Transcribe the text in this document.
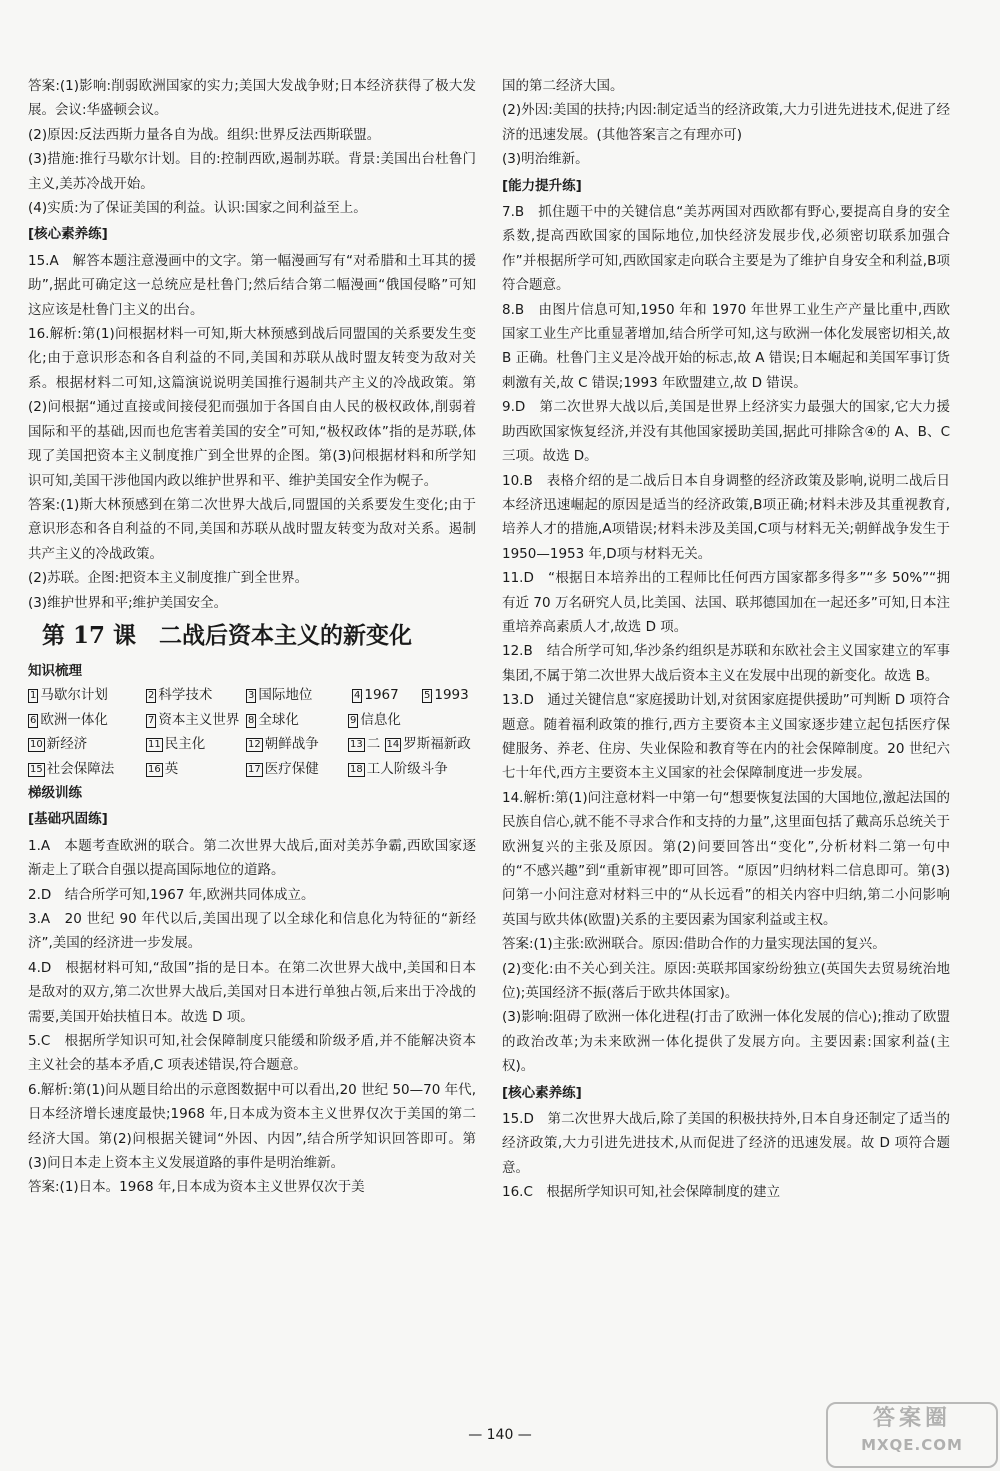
答案:(1)影响:削弱欧洲国家的实力;美国大发战争财;日本经济获得了极大发展。会议:华盛顿会议。

(2)原因:反法西斯力量各自为战。组织:世界反法西斯联盟。

(3)措施:推行马歇尔计划。目的:控制西欧,遏制苏联。背景:美国出台杜鲁门主义,美苏冷战开始。

(4)实质:为了保证美国的利益。认识:国家之间利益至上。

[核心素养练]

15.A　解答本题注意漫画中的文字。第一幅漫画写有“对希腊和土耳其的援助”,据此可确定这一总统应是杜鲁门;然后结合第二幅漫画“俄国侵略”可知这应该是杜鲁门主义的出台。

16.解析:第(1)问根据材料一可知,斯大林预感到战后同盟国的关系要发生变化;由于意识形态和各自利益的不同,美国和苏联从战时盟友转变为敌对关系。根据材料二可知,这篇演说说明美国推行遏制共产主义的冷战政策。第(2)问根据“通过直接或间接侵犯而强加于各国自由人民的极权政体,削弱着国际和平的基础,因而也危害着美国的安全”可知,“极权政体”指的是苏联,体现了美国把资本主义制度推广到全世界的企图。第(3)问根据材料和所学知识可知,美国干涉他国内政以维护世界和平、维护美国安全作为幌子。

答案:(1)斯大林预感到在第二次世界大战后,同盟国的关系要发生变化;由于意识形态和各自利益的不同,美国和苏联从战时盟友转变为敌对关系。遏制共产主义的冷战政策。

(2)苏联。企图:把资本主义制度推广到全世界。

(3)维护世界和平;维护美国安全。

第 17 课　二战后资本主义的新变化

知识梳理

1 马歇尔计划	2 科学技术	3 国际地位	4 1967	5 1993
6 欧洲一体化	7 资本主义世界 8 全球化	9 信息化
10 新经济	11 民主化	12 朝鲜战争	13 二 14 罗斯福新政
15 社会保障法	16 英	17 医疗保健	18 工人阶级斗争

梯级训练

[基础巩固练]

1.A　本题考查欧洲的联合。第二次世界大战后,面对美苏争霸,西欧国家逐渐走上了联合自强以提高国际地位的道路。

2.D　结合所学可知,1967 年,欧洲共同体成立。

3.A　20 世纪 90 年代以后,美国出现了以全球化和信息化为特征的“新经济”,美国的经济进一步发展。

4.D　根据材料可知,“敌国”指的是日本。在第二次世界大战中,美国和日本是敌对的双方,第二次世界大战后,美国对日本进行单独占领,后来出于冷战的需要,美国开始扶植日本。故选 D 项。

5.C　根据所学知识可知,社会保障制度只能缓和阶级矛盾,并不能解决资本主义社会的基本矛盾,C 项表述错误,符合题意。

6.解析:第(1)问从题目给出的示意图数据中可以看出,20 世纪 50—70 年代,日本经济增长速度最快;1968 年,日本成为资本主义世界仅次于美国的第二经济大国。第(2)问根据关键词“外因、内因”,结合所学知识回答即可。第(3)问日本走上资本主义发展道路的事件是明治维新。

答案:(1)日本。1968 年,日本成为资本主义世界仅次于美

国的第二经济大国。

(2)外因:美国的扶持;内因:制定适当的经济政策,大力引进先进技术,促进了经济的迅速发展。(其他答案言之有理亦可)

(3)明治维新。

[能力提升练]

7.B　抓住题干中的关键信息“美苏两国对西欧都有野心,要提高自身的安全系数,提高西欧国家的国际地位,加快经济发展步伐,必须密切联系加强合作”并根据所学可知,西欧国家走向联合主要是为了维护自身安全和利益,B项符合题意。

8.B　由图片信息可知,1950 年和 1970 年世界工业生产产量比重中,西欧国家工业生产比重显著增加,结合所学可知,这与欧洲一体化发展密切相关,故 B 正确。杜鲁门主义是冷战开始的标志,故 A 错误;日本崛起和美国军事订货刺激有关,故 C 错误;1993 年欧盟建立,故 D 错误。

9.D　第二次世界大战以后,美国是世界上经济实力最强大的国家,它大力援助西欧国家恢复经济,并没有其他国家援助美国,据此可排除含④的 A、B、C 三项。故选 D。

10.B　表格介绍的是二战后日本自身调整的经济政策及影响,说明二战后日本经济迅速崛起的原因是适当的经济政策,B项正确;材料未涉及其重视教育,培养人才的措施,A项错误;材料未涉及美国,C项与材料无关;朝鲜战争发生于 1950—1953 年,D项与材料无关。

11.D　“根据日本培养出的工程师比任何西方国家都多得多”“多 50%”“拥有近 70 万名研究人员,比美国、法国、联邦德国加在一起还多”可知,日本注重培养高素质人才,故选 D 项。

12.B　结合所学可知,华沙条约组织是苏联和东欧社会主义国家建立的军事集团,不属于第二次世界大战后资本主义在发展中出现的新变化。故选 B。

13.D　通过关键信息“家庭援助计划,对贫困家庭提供援助”可判断 D 项符合题意。随着福利政策的推行,西方主要资本主义国家逐步建立起包括医疗保健服务、养老、住房、失业保险和教育等在内的社会保障制度。20 世纪六七十年代,西方主要资本主义国家的社会保障制度进一步发展。

14.解析:第(1)问注意材料一中第一句“想要恢复法国的大国地位,激起法国的民族自信心,就不能不寻求合作和支持的力量”,这里面包括了戴高乐总统关于欧洲复兴的主张及原因。第(2)问要回答出“变化”,分析材料二第一句中的“不感兴趣”到“重新审视”即可回答。“原因”归纳材料二信息即可。第(3)问第一小问注意对材料三中的“从长远看”的相关内容中归纳,第二小问影响英国与欧共体(欧盟)关系的主要因素为国家利益或主权。

答案:(1)主张:欧洲联合。原因:借助合作的力量实现法国的复兴。

(2)变化:由不关心到关注。原因:英联邦国家纷纷独立(英国失去贸易统治地位);英国经济不振(落后于欧共体国家)。

(3)影响:阻碍了欧洲一体化进程(打击了欧洲一体化发展的信心);推动了欧盟的政治改革;为未来欧洲一体化提供了发展方向。主要因素:国家利益(主权)。

[核心素养练]

15.D　第二次世界大战后,除了美国的积极扶持外,日本自身还制定了适当的经济政策,大力引进先进技术,从而促进了经济的迅速发展。故 D 项符合题意。

16.C　根据所学知识可知,社会保障制度的建立

— 140 —
答案圈
MXQE.COM
